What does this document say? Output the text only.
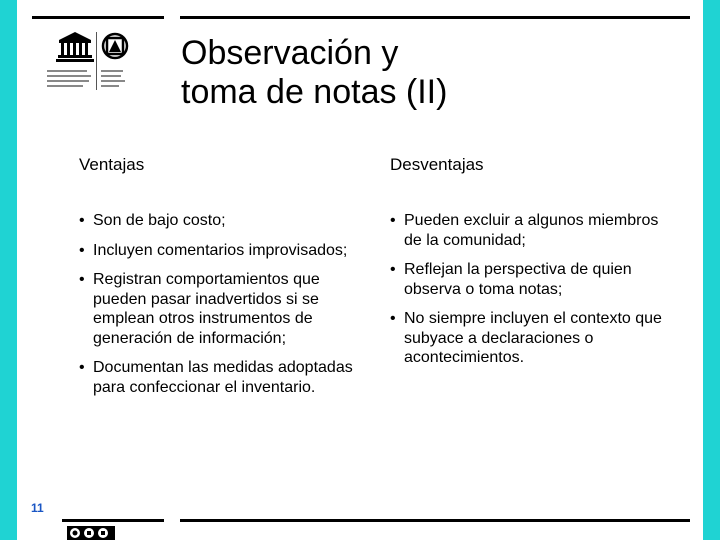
Observación y
toma de notas (II)
Ventajas
• Son de bajo costo;
• Incluyen comentarios improvisados;
• Registran comportamientos que pueden pasar inadvertidos si se emplean otros instrumentos de generación de información;
• Documentan las medidas adoptadas para confeccionar el inventario.
Desventajas
• Pueden excluir a algunos miembros de la comunidad;
• Reflejan la perspectiva de quien observa o toma notas;
• No siempre incluyen el contexto que subyace a declaraciones o acontecimientos.
11
